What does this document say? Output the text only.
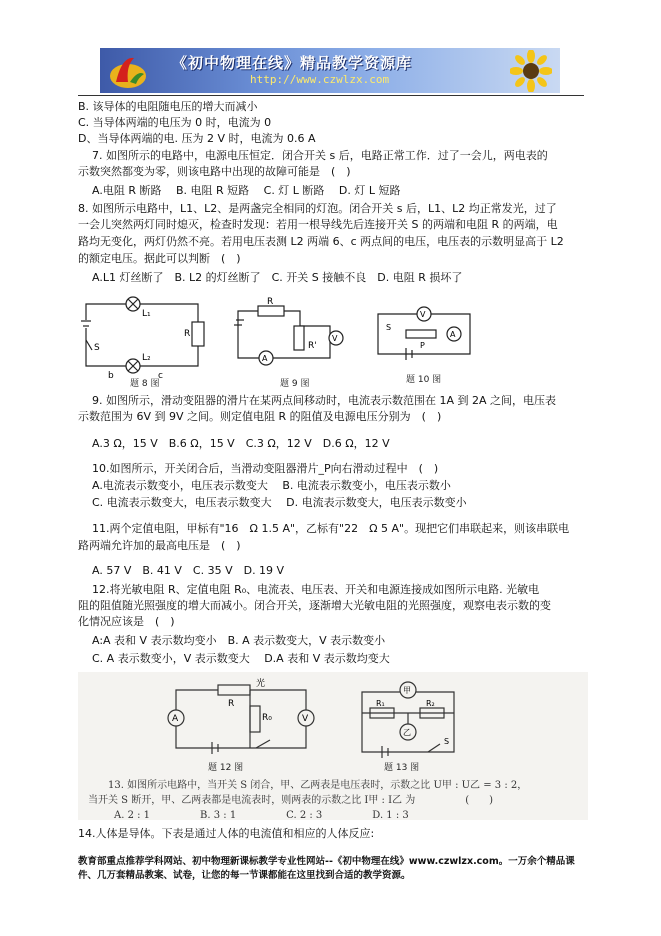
《初中物理在线》精品教学资源库
http://www.czwlzx.com
B. 该导体的电阻随电压的增大而减小
C. 当导体两端的电压为 0 时，电流为 0
D、当导体两端的电. 压为 2 V 时，电流为 0.6 A
7. 如图所示的电路中，电源电压恒定．闭合开关 s 后，电路正常工作．过了一会儿，两电表的
示数突然都变为零，则该电路中出现的故障可能是　(　)
A.电阻 R 断路　 B. 电阻 R 短路　 C. 灯 L 断路　 D. 灯 L 短路
8. 如图所示电路中，L1、L2、是两盏完全相同的灯泡。闭合开关 s 后，L1、L2 均正常发光，过了
一会儿突然两灯同时熄灭，检查时发现：若用一根导线先后连接开关 S 的两端和电阻 R 的两端，电
路均无变化，两灯仍然不亮。若用电压表测 L2 两端 6、c 两点间的电压，电压表的示数明显高于 L2
的额定电压。据此可以判断　(　)
A.L1 灯丝断了　B. L2 的灯丝断了　C. 开关 S 接触不良　D. 电阻 R 损坏了
L₁
L₂
R
S
b	c
题 8 图
R
R'
V
A
题 9 图
V
A
S
P
题 10 图
9. 如图所示，滑动变阻器的滑片在某两点间移动时，电流表示数范围在 1A 到 2A 之间，电压表
示数范围为 6V 到 9V 之间。则定值电阻 R 的阻值及电源电压分别为　(　)
A.3 Ω，15 V　B.6 Ω，15 V　C.3 Ω，12 V　D.6 Ω，12 V
10.如图所示，开关闭合后，当滑动变阻器滑片_P向右滑动过程中　(　)
A.电流表示数变小，电压表示数变大　 B. 电流表示数变小，电压表示数小
C. 电流表示数变大，电压表示数变大　 D. 电流表示数变大，电压表示数变小
11.两个定值电阻，甲标有"16　Ω 1.5 A"，乙标有"22　Ω 5 A"。现把它们串联起来，则该串联电
路两端允许加的最高电压是　(　)
A. 57 V　B. 41 V　C. 35 V　D. 19 V
12.将光敏电阻 R、定值电阻 R₀、电流表、电压表、开关和电源连接成如图所示电路. 光敏电
阻的阻值随光照强度的增大而减小。闭合开关，逐渐增大光敏电阻的光照强度，观察电表示数的变
化情况应该是　(　)
A:A 表和 V 表示数均变小　B. A 表示数变大，V 表示数变小
C. A 表示数变小，V 表示数变大　 D.A 表和 V 表示数均变大
A	V
R
R₀
光
题 12 图
甲
乙
R₁	R₂
S
题 13 图
13. 如图所示电路中，当开关 S 闭合，甲、乙两表是电压表时，示数之比 U甲 : U乙 = 3 : 2，
当开关 S 断开，甲、乙两表都是电流表时，则两表的示数之比 I甲 : I乙 为　　　　　(　　)
A. 2 : 1　　　　　B. 3 : 1　　　　　C. 2 : 3　　　　　D. 1 : 3
14.人体是导体。下表是通过人体的电流值和相应的人体反应:
教育部重点推荐学科网站、初中物理新课标教学专业性网站--《初中物理在线》www.czwlzx.com。一万余个精品课
件、几万套精品教案、试卷，让您的每一节课都能在这里找到合适的教学资源。
